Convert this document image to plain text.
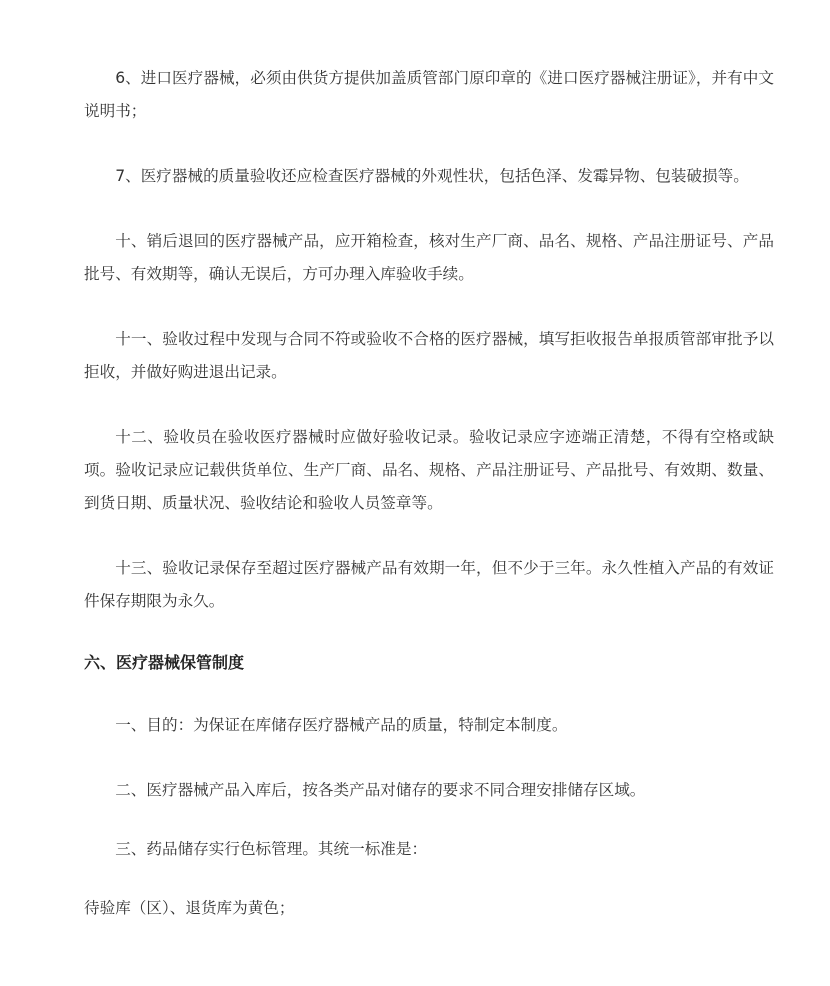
6、进口医疗器械，必须由供货方提供加盖质管部门原印章的《进口医疗器械注册证》，并有中文说明书；

7、医疗器械的质量验收还应检查医疗器械的外观性状，包括色泽、发霉异物、包装破损等。

十、销后退回的医疗器械产品，应开箱检查，核对生产厂商、品名、规格、产品注册证号、产品批号、有效期等，确认无误后，方可办理入库验收手续。

十一、验收过程中发现与合同不符或验收不合格的医疗器械，填写拒收报告单报质管部审批予以拒收，并做好购进退出记录。

十二、验收员在验收医疗器械时应做好验收记录。验收记录应字迹端正清楚，不得有空格或缺项。验收记录应记载供货单位、生产厂商、品名、规格、产品注册证号、产品批号、有效期、数量、到货日期、质量状况、验收结论和验收人员签章等。

十三、验收记录保存至超过医疗器械产品有效期一年，但不少于三年。永久性植入产品的有效证件保存期限为永久。

六、医疗器械保管制度

一、目的：为保证在库储存医疗器械产品的质量，特制定本制度。

二、医疗器械产品入库后，按各类产品对储存的要求不同合理安排储存区域。

三、药品储存实行色标管理。其统一标准是：

待验库（区）、退货库为黄色；
